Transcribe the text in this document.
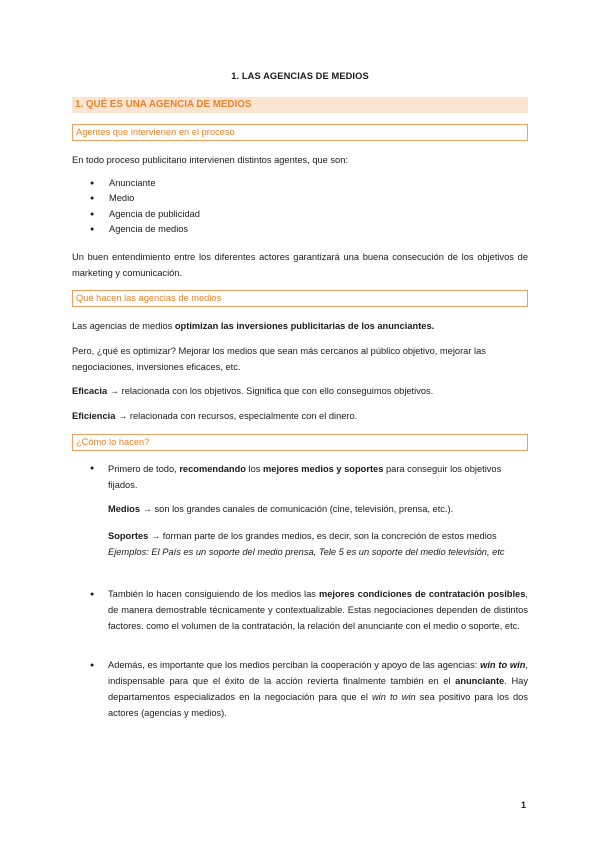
1. LAS AGENCIAS DE MEDIOS
1. QUÉ ES UNA AGENCIA DE MEDIOS
Agentes que intervienen en el proceso

En todo proceso publicitario intervienen distintos agentes, que son:

● Anunciante
● Medio
● Agencia de publicidad
● Agencia de medios

Un buen entendimiento entre los diferentes actores garantizará una buena consecución de los objetivos de marketing y comunicación.

Qué hacen las agencias de medios

Las agencias de medios optimizan las inversiones publicitarias de los anunciantes.

Pero, ¿qué es optimizar? Mejorar los medios que sean más cercanos al público objetivo, mejorar las negociaciones, inversiones eficaces, etc.

Eficacia → relacionada con los objetivos. Significa que con ello conseguimos objetivos.

Eficiencia → relacionada con recursos, especialmente con el dinero.

¿Cómo lo hacen?
● Primero de todo, recomendando los mejores medios y soportes para conseguir los objetivos fijados.

Medios → son los grandes canales de comunicación (cine, televisión, prensa, etc.).

Soportes → forman parte de los grandes medios, es decir, son la concreción de estos medios Ejemplos: El País es un soporte del medio prensa, Tele 5 es un soporte del medio televisión, etc

● También lo hacen consiguiendo de los medios las mejores condiciones de contratación posibles, de manera demostrable técnicamente y contextualizable. Estas negociaciones dependen de distintos factores. como el volumen de la contratación, la relación del anunciante con el medio o soporte, etc.

● Además, es importante que los medios perciban la cooperación y apoyo de las agencias: win to win, indispensable para que el éxito de la acción revierta finalmente también en el anunciante. Hay departamentos especializados en la negociación para que el win to win sea positivo para los dos actores (agencias y medios).

1
